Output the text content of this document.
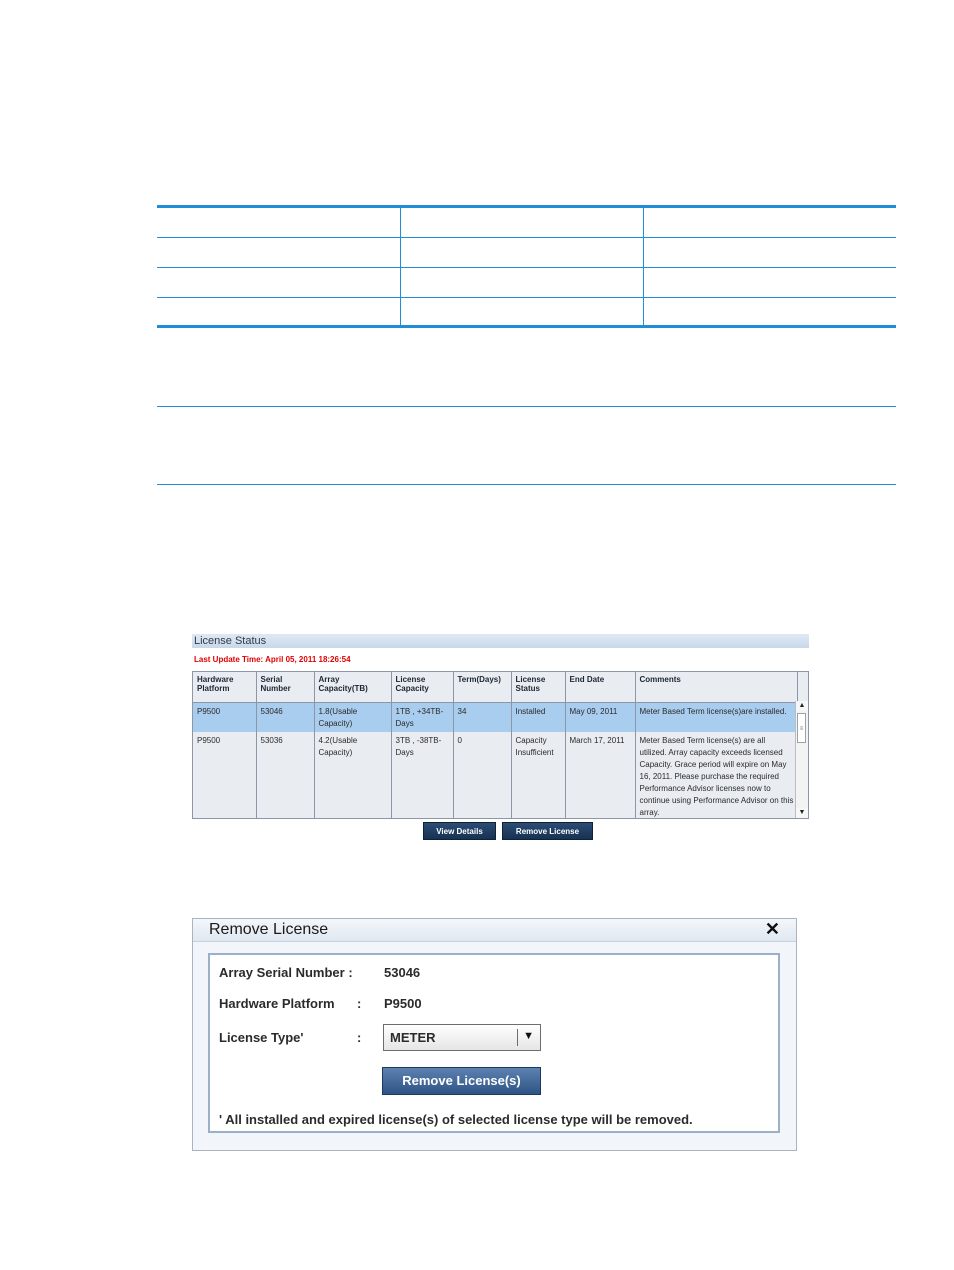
License Status
Last Update Time: April 05, 2011 18:26:54
Hardware Platform	Serial Number	Array Capacity(TB)	License Capacity	Term(Days)	License Status	End Date	Comments
P9500	53046	1.8(Usable Capacity)	1TB , +34TB-Days	34	Installed	May 09, 2011	Meter Based Term license(s)are installed.
P9500	53036	4.2(Usable Capacity)	3TB , -38TB-Days	0	Capacity Insufficient	March 17, 2011	Meter Based Term license(s) are all utilized. Array capacity exceeds licensed Capacity. Grace period will expire on May 16, 2011. Please purchase the required Performance Advisor licenses now to continue using Performance Advisor on this array.
▲
≡
▼
View Details	Remove License
Remove License	✕
Array Serial Number : 53046
Hardware Platform : P9500
License Type'	: METER	▼
Remove License(s)
' All installed and expired license(s) of selected license type will be removed.
